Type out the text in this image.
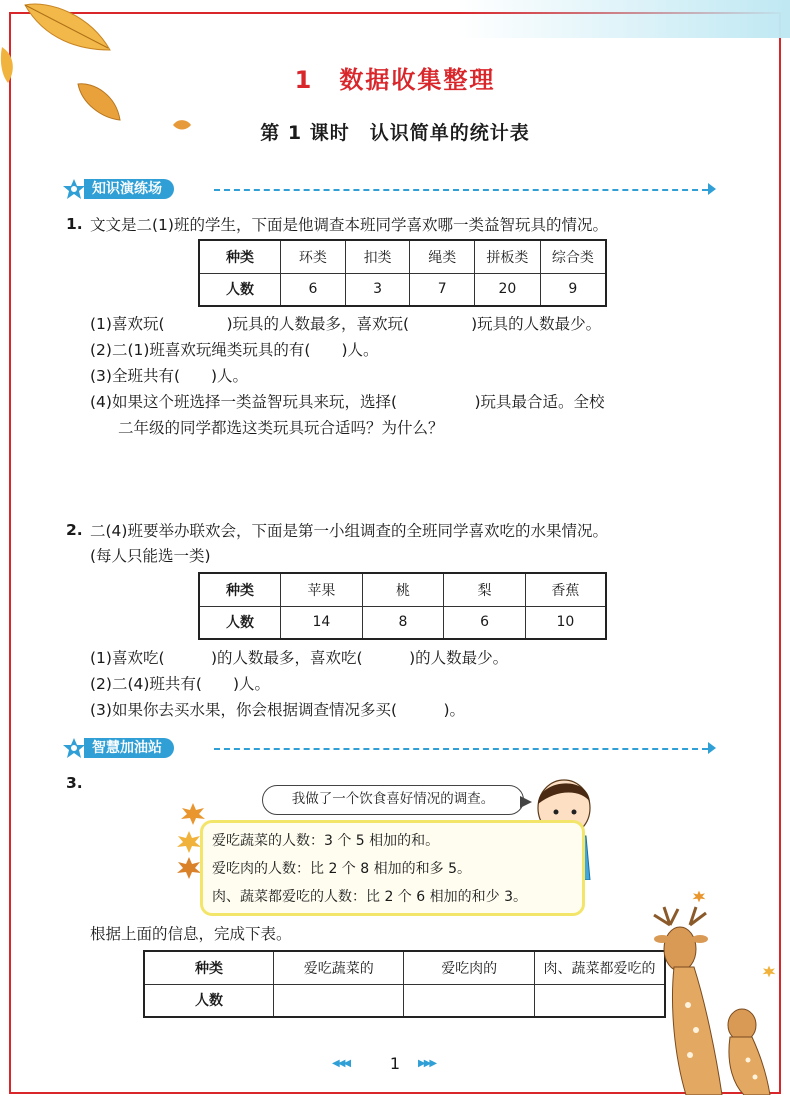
1　数据收集整理
第 1 课时　认识简单的统计表
知识演练场
1. 文文是二(1)班的学生，下面是他调查本班同学喜欢哪一类益智玩具的情况。
种类	环类	扣类	绳类	拼板类	综合类
人数	6	3	7	20	9
(1)喜欢玩(　　　　)玩具的人数最多，喜欢玩(　　　　)玩具的人数最少。
(2)二(1)班喜欢玩绳类玩具的有(　　)人。
(3)全班共有(　　)人。
(4)如果这个班选择一类益智玩具来玩，选择(　　　　　)玩具最合适。全校
二年级的同学都选这类玩具玩合适吗？为什么？
2. 二(4)班要举办联欢会，下面是第一小组调查的全班同学喜欢吃的水果情况。
(每人只能选一类)
种类	苹果	桃	梨	香蕉
人数	14	8	6	10
(1)喜欢吃(　　　)的人数最多，喜欢吃(　　　)的人数最少。
(2)二(4)班共有(　　)人。
(3)如果你去买水果，你会根据调查情况多买(　　　)。
智慧加油站
3.
我做了一个饮食喜好情况的调查。
爱吃蔬菜的人数：3 个 5 相加的和。
爱吃肉的人数：比 2 个 8 相加的和多 5。
肉、蔬菜都爱吃的人数：比 2 个 6 相加的和少 3。
根据上面的信息，完成下表。
种类	爱吃蔬菜的	爱吃肉的	肉、蔬菜都爱吃的
人数			
◀◀◀	1	▶▶▶
